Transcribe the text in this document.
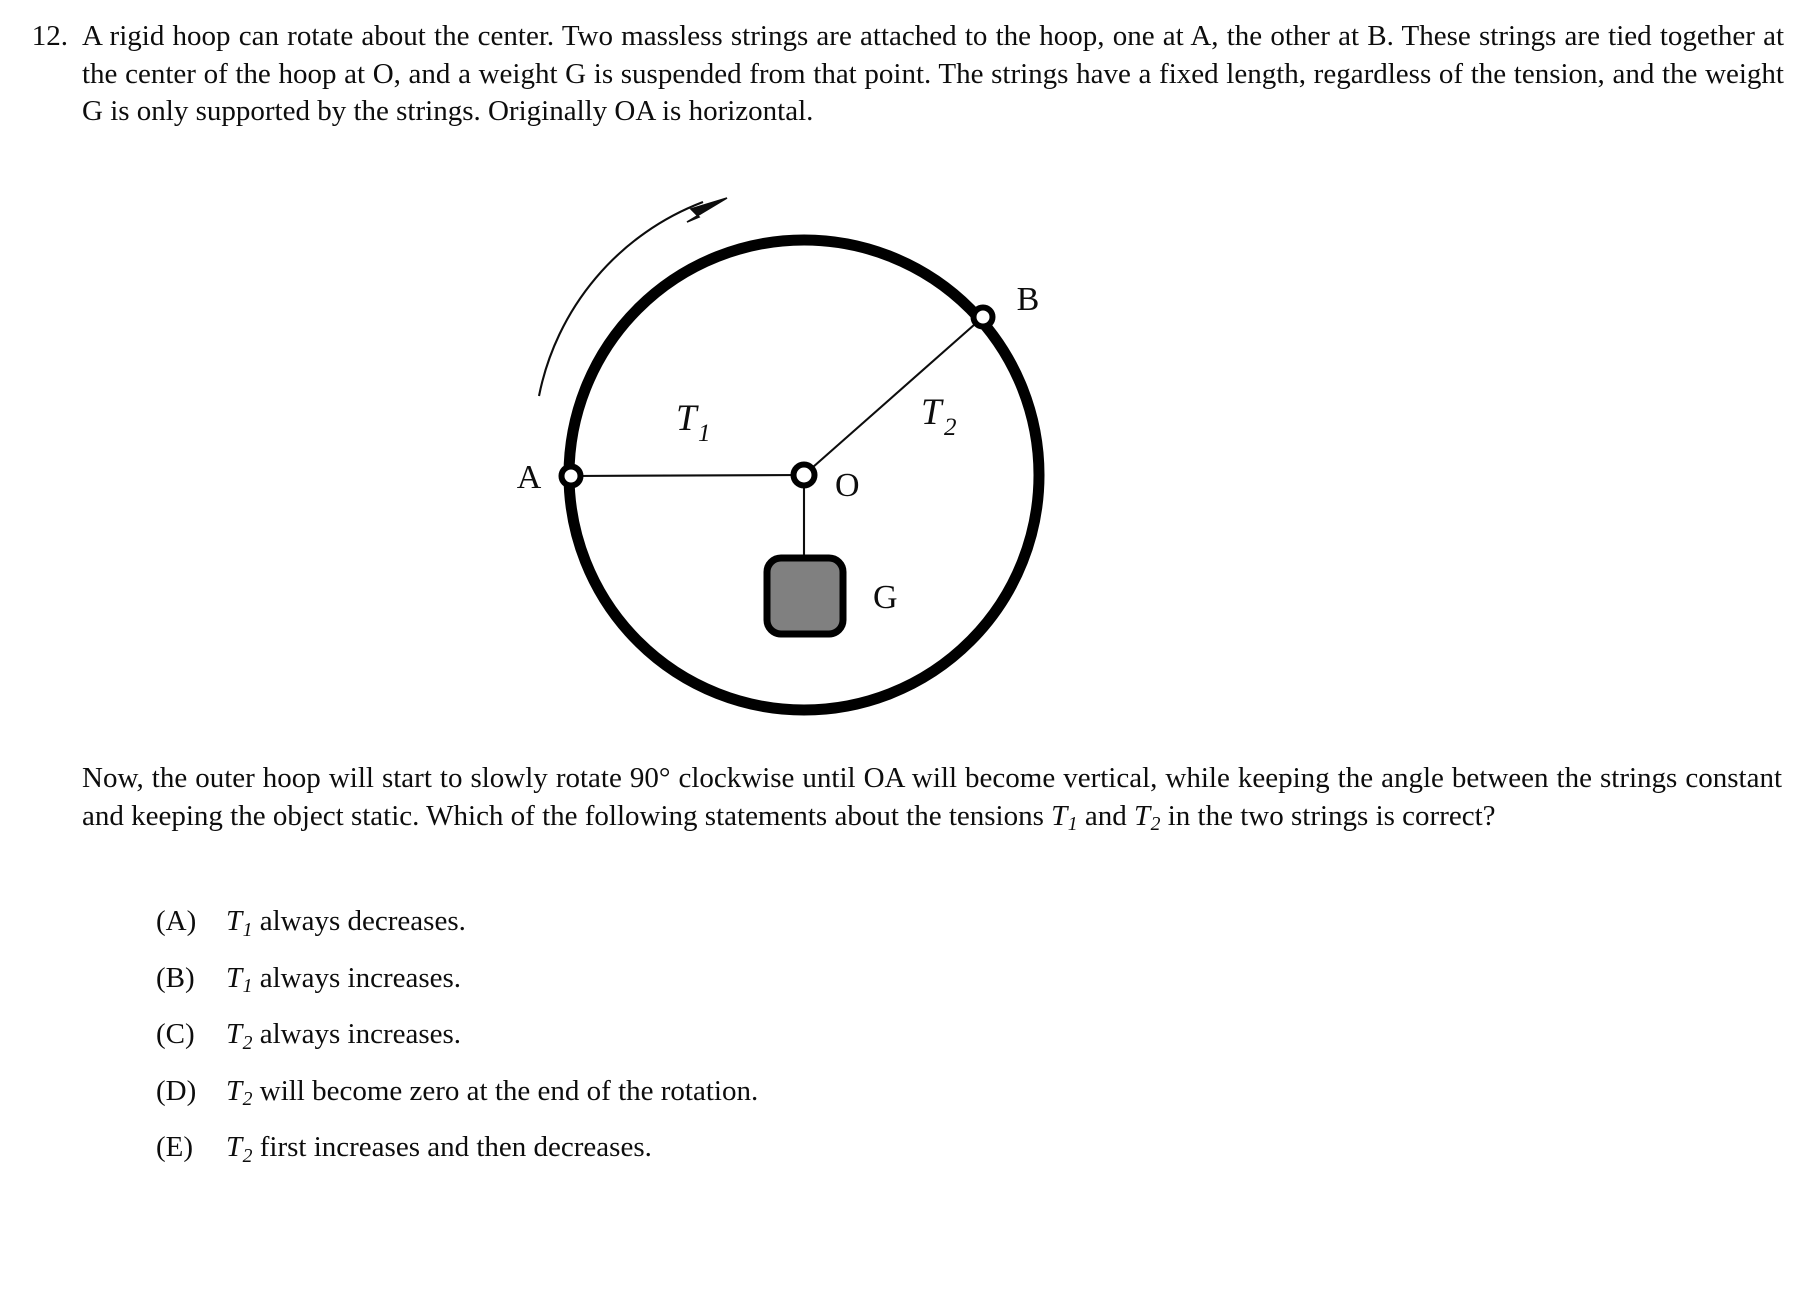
12. A rigid hoop can rotate about the center. Two massless strings are attached to the hoop, one at A, the other at B. These strings are tied together at the center of the hoop at O, and a weight G is suspended from that point. The strings have a fixed length, regardless of the tension, and the weight G is only supported by the strings. Originally OA is horizontal.

A
B
O
G
T 1
T 2

Now, the outer hoop will start to slowly rotate 90° clockwise until OA will become vertical, while keeping the angle between the strings constant and keeping the object static. Which of the following statements about the tensions T1 and T2 in the two strings is correct?

(A)	T1 always decreases.
(B)	T1 always increases.
(C)	T2 always increases.
(D)	T2 will become zero at the end of the rotation.
(E)	T2 first increases and then decreases.
